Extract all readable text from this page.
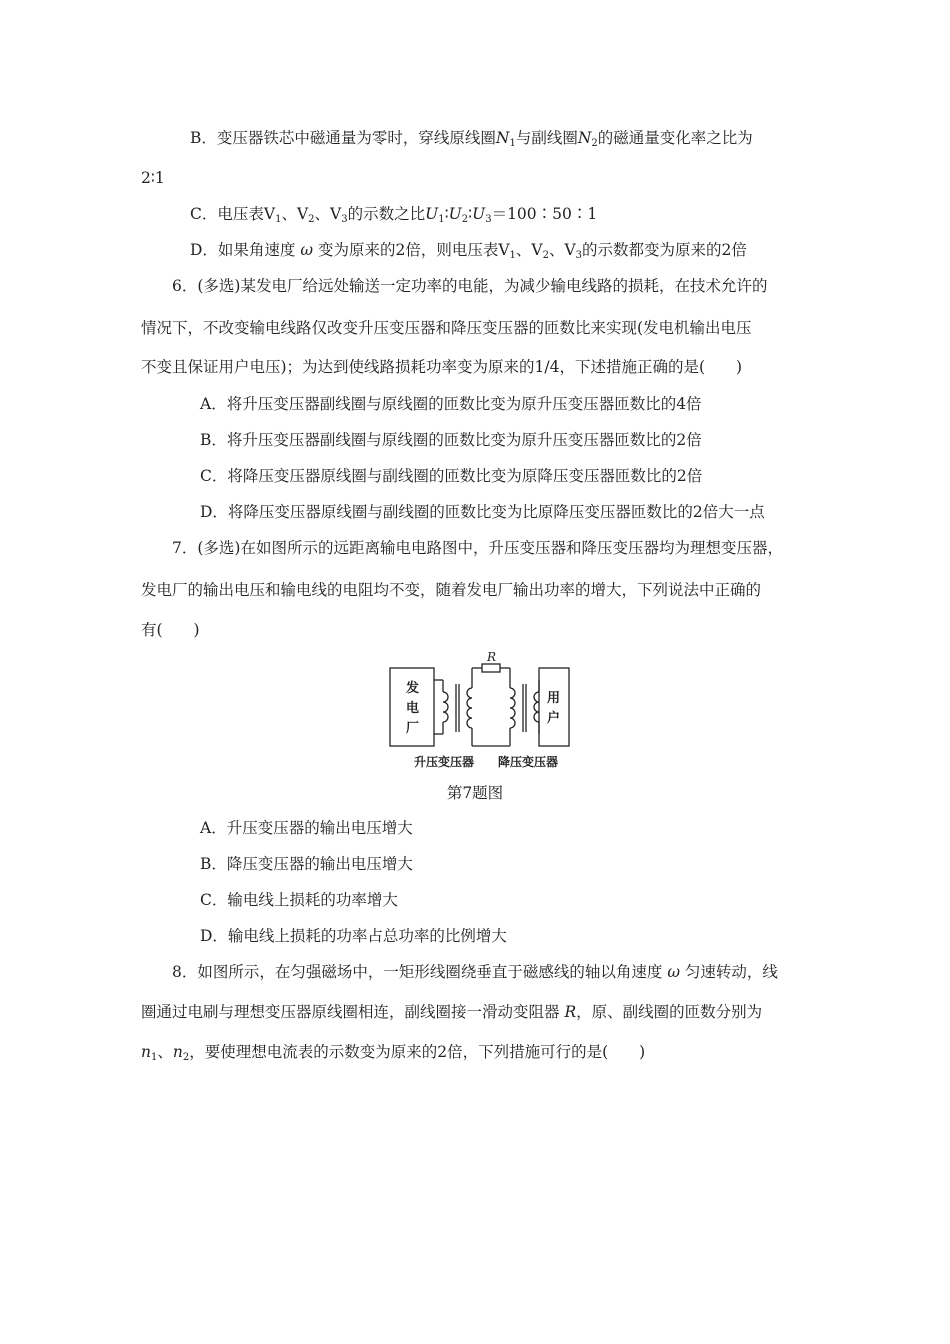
B．变压器铁芯中磁通量为零时，穿线原线圈$N_1$与副线圈$N_2$的磁通量变化率之比为
2∶1
C．电压表$V_1$、$V_2$、$V_3$的示数之比$U_1∶U_2∶U_3=100∶50∶1$
D．如果角速度 ω 变为原来的2倍，则电压表$V_1$、$V_2$、$V_3$的示数都变为原来的2倍
6．(多选)某发电厂给远处输送一定功率的电能，为减少输电线路的损耗，在技术允许的
情况下，不改变输电线路仅改变升压变压器和降压变压器的匝数比来实现(发电机输出电压
不变且保证用户电压)；为达到使线路损耗功率变为原来的1/4，下述措施正确的是(　　)
A．将升压变压器副线圈与原线圈的匝数比变为原升压变压器匝数比的4倍
B．将升压变压器副线圈与原线圈的匝数比变为原升压变压器匝数比的2倍
C．将降压变压器原线圈与副线圈的匝数比变为原降压变压器匝数比的2倍
D．将降压变压器原线圈与副线圈的匝数比变为比原降压变压器匝数比的2倍大一点
7．(多选)在如图所示的远距离输电电路图中，升压变压器和降压变压器均为理想变压器，
发电厂的输出电压和输电线的电阻均不变，随着发电厂输出功率的增大，下列说法中正确的
有(　　)
R
发
电
厂
用
户
升压变压器 降压变压器
第7题图
A．升压变压器的输出电压增大
B．降压变压器的输出电压增大
C．输电线上损耗的功率增大
D．输电线上损耗的功率占总功率的比例增大
8．如图所示，在匀强磁场中，一矩形线圈绕垂直于磁感线的轴以角速度 ω 匀速转动，线
圈通过电刷与理想变压器原线圈相连，副线圈接一滑动变阻器 R，原、副线圈的匝数分别为
$n_1$、$n_2$，要使理想电流表的示数变为原来的2倍，下列措施可行的是(　　)
